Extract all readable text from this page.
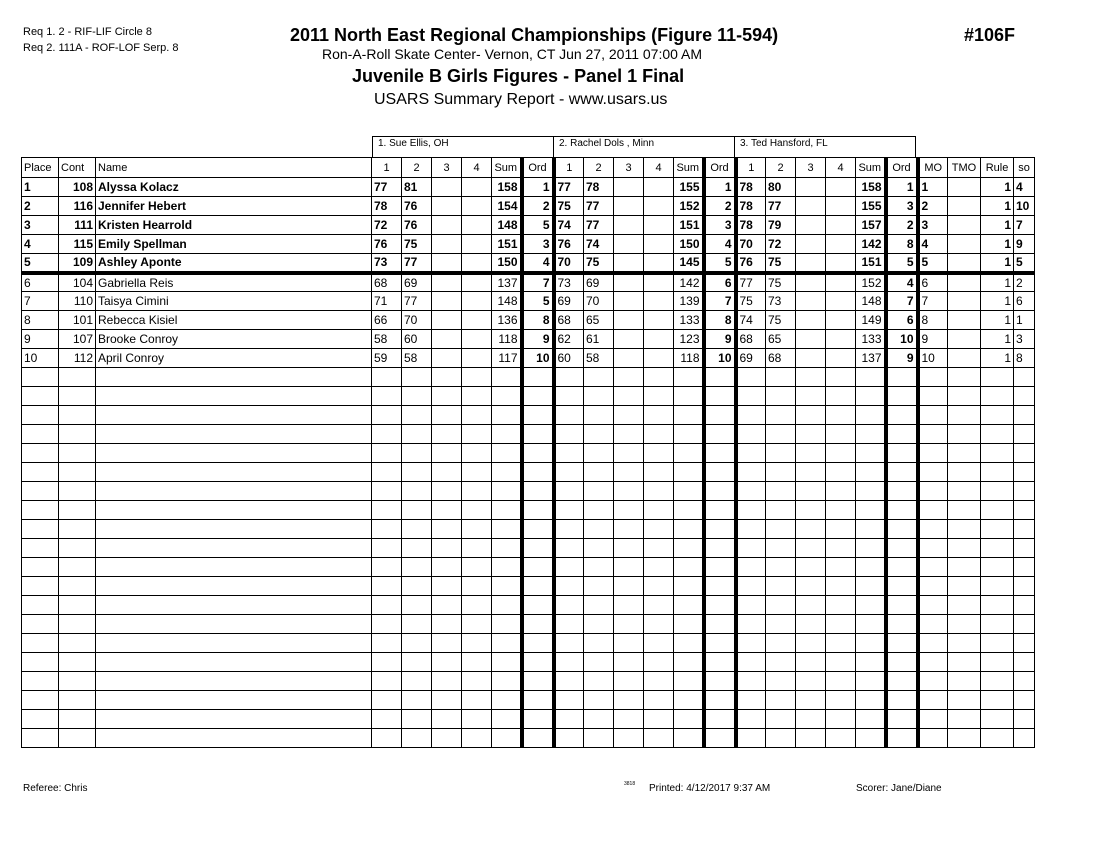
Req 1. 2 - RIF-LIF Circle 8
Req 2. 111A - ROF-LOF Serp. 8
2011 North East Regional Championships (Figure 11-594)
Ron-A-Roll Skate Center- Vernon, CT Jun 27, 2011 07:00 AM
Juvenile B Girls Figures - Panel 1 Final
USARS Summary Report - www.usars.us
#106F
1. Sue Ellis, OH	2. Rachel Dols , Minn	3. Ted Hansford, FL
Place	Cont	Name	1	2	3	4	Sum	Ord	1	2	3	4	Sum	Ord	1	2	3	4	Sum	Ord	MO	TMO	Rule	so
1	108	Alyssa Kolacz	77	81			158	1	77	78			155	1	78	80			158	1	1		1	4
2	116	Jennifer Hebert	78	76			154	2	75	77			152	2	78	77			155	3	2		1	10
3	111	Kristen Hearrold	72	76			148	5	74	77			151	3	78	79			157	2	3		1	7
4	115	Emily Spellman	76	75			151	3	76	74			150	4	70	72			142	8	4		1	9
5	109	Ashley Aponte	73	77			150	4	70	75			145	5	76	75			151	5	5		1	5
6	104	Gabriella Reis	68	69			137	7	73	69			142	6	77	75			152	4	6		1	2
7	110	Taisya Cimini	71	77			148	5	69	70			139	7	75	73			148	7	7		1	6
8	101	Rebecca Kisiel	66	70			136	8	68	65			133	8	74	75			149	6	8		1	1
9	107	Brooke Conroy	58	60			118	9	62	61			123	9	68	65			133	10	9		1	3
10	112	April Conroy	59	58			117	10	60	58			118	10	69	68			137	9	10		1	8

Referee: Chris	3818 Printed: 4/12/2017 9:37 AM	Scorer: Jane/Diane
